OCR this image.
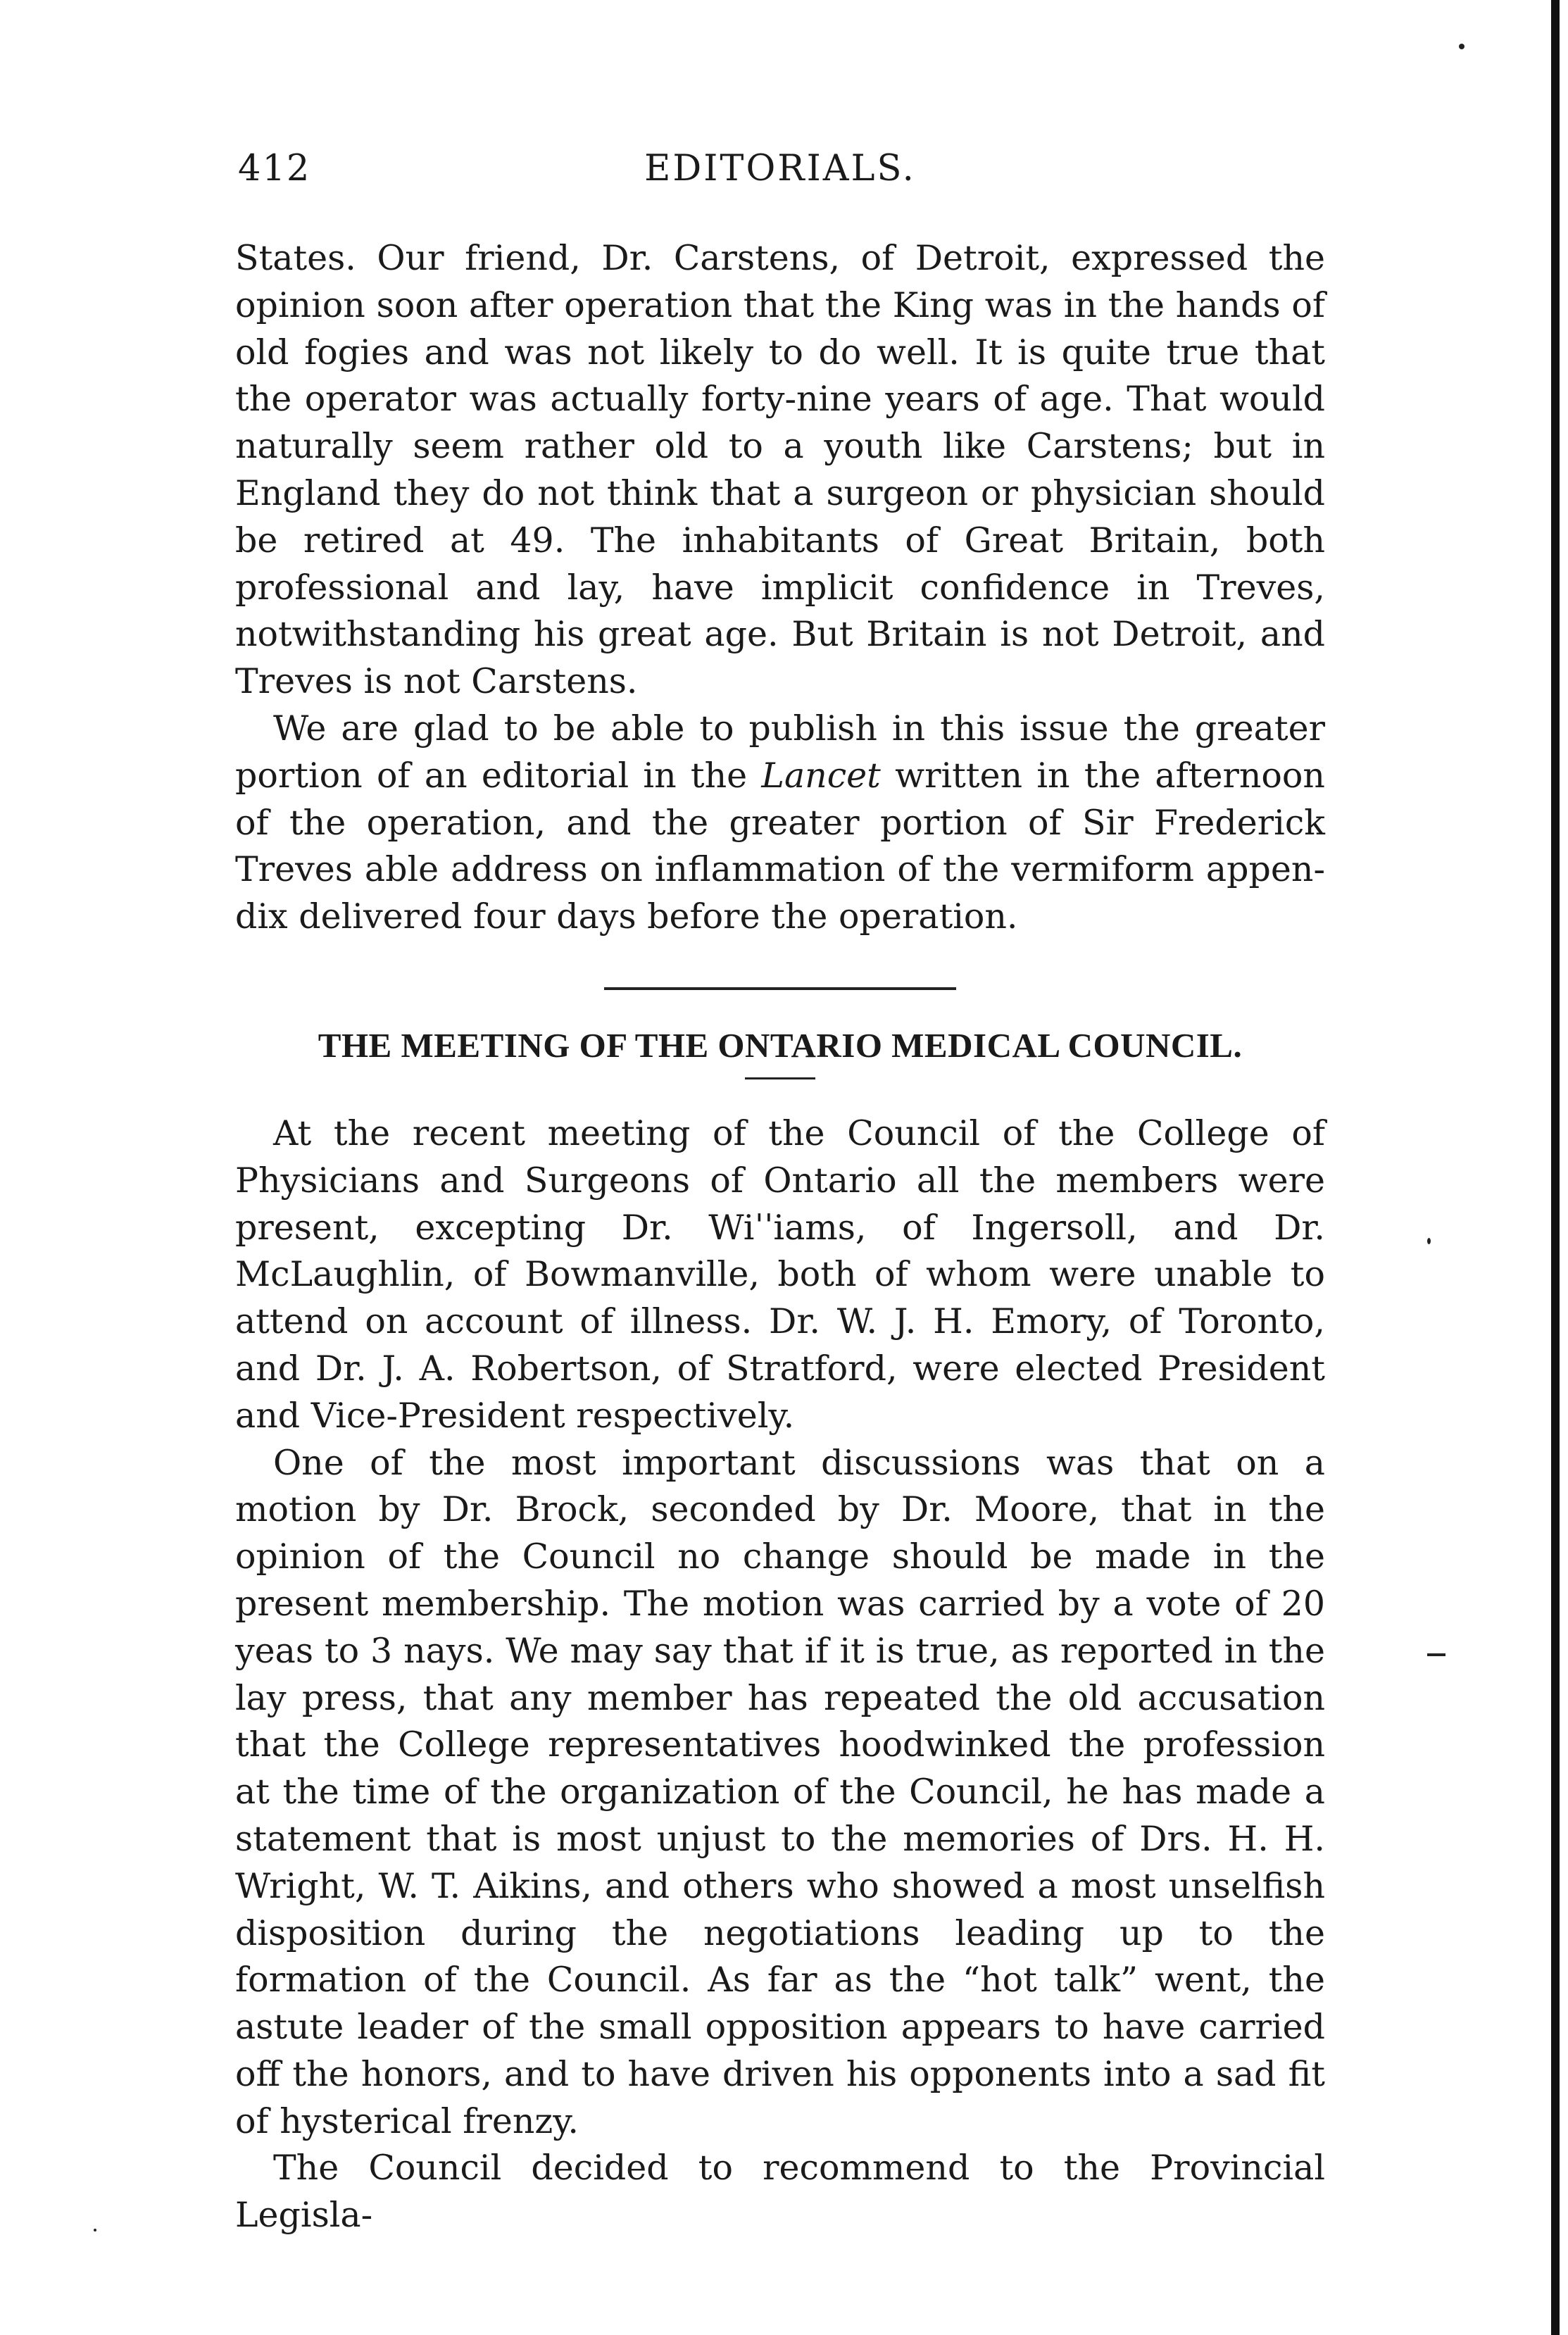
412	EDITORIALS.

States. Our friend, Dr. Carstens, of Detroit, expressed the opinion soon after operation that the King was in the hands of old fogies and was not likely to do well. It is quite true that the operator was actually forty-nine years of age. That would naturally seem rather old to a youth like Carstens; but in England they do not think that a surgeon or physician should be retired at 49. The inhabitants of Great Britain, both professional and lay, have implicit confidence in Treves, notwithstanding his great age. But Britain is not Detroit, and Treves is not Carstens.

We are glad to be able to publish in this issue the greater portion of an editorial in the Lancet written in the afternoon of the operation, and the greater portion of Sir Frederick Treves able address on inflammation of the vermiform appendix delivered four days before the operation.

THE MEETING OF THE ONTARIO MEDICAL COUNCIL.

At the recent meeting of the Council of the College of Physicians and Surgeons of Ontario all the members were present, excepting Dr. Wiˈˈiams, of Ingersoll, and Dr. McLaughlin, of Bowmanville, both of whom were unable to attend on account of illness. Dr. W. J. H. Emory, of Toronto, and Dr. J. A. Robertson, of Stratford, were elected President and Vice-President respectively.

One of the most important discussions was that on a motion by Dr. Brock, seconded by Dr. Moore, that in the opinion of the Council no change should be made in the present membership. The motion was carried by a vote of 20 yeas to 3 nays. We may say that if it is true, as reported in the lay press, that any member has repeated the old accusation that the College representatives hoodwinked the profession at the time of the organization of the Council, he has made a statement that is most unjust to the memories of Drs. H. H. Wright, W. T. Aikins, and others who showed a most unselfish disposition during the negotiations leading up to the formation of the Council. As far as the “hot talk” went, the astute leader of the small opposition appears to have carried off the honors, and to have driven his opponents into a sad fit of hysterical frenzy.

The Council decided to recommend to the Provincial Legisla-
